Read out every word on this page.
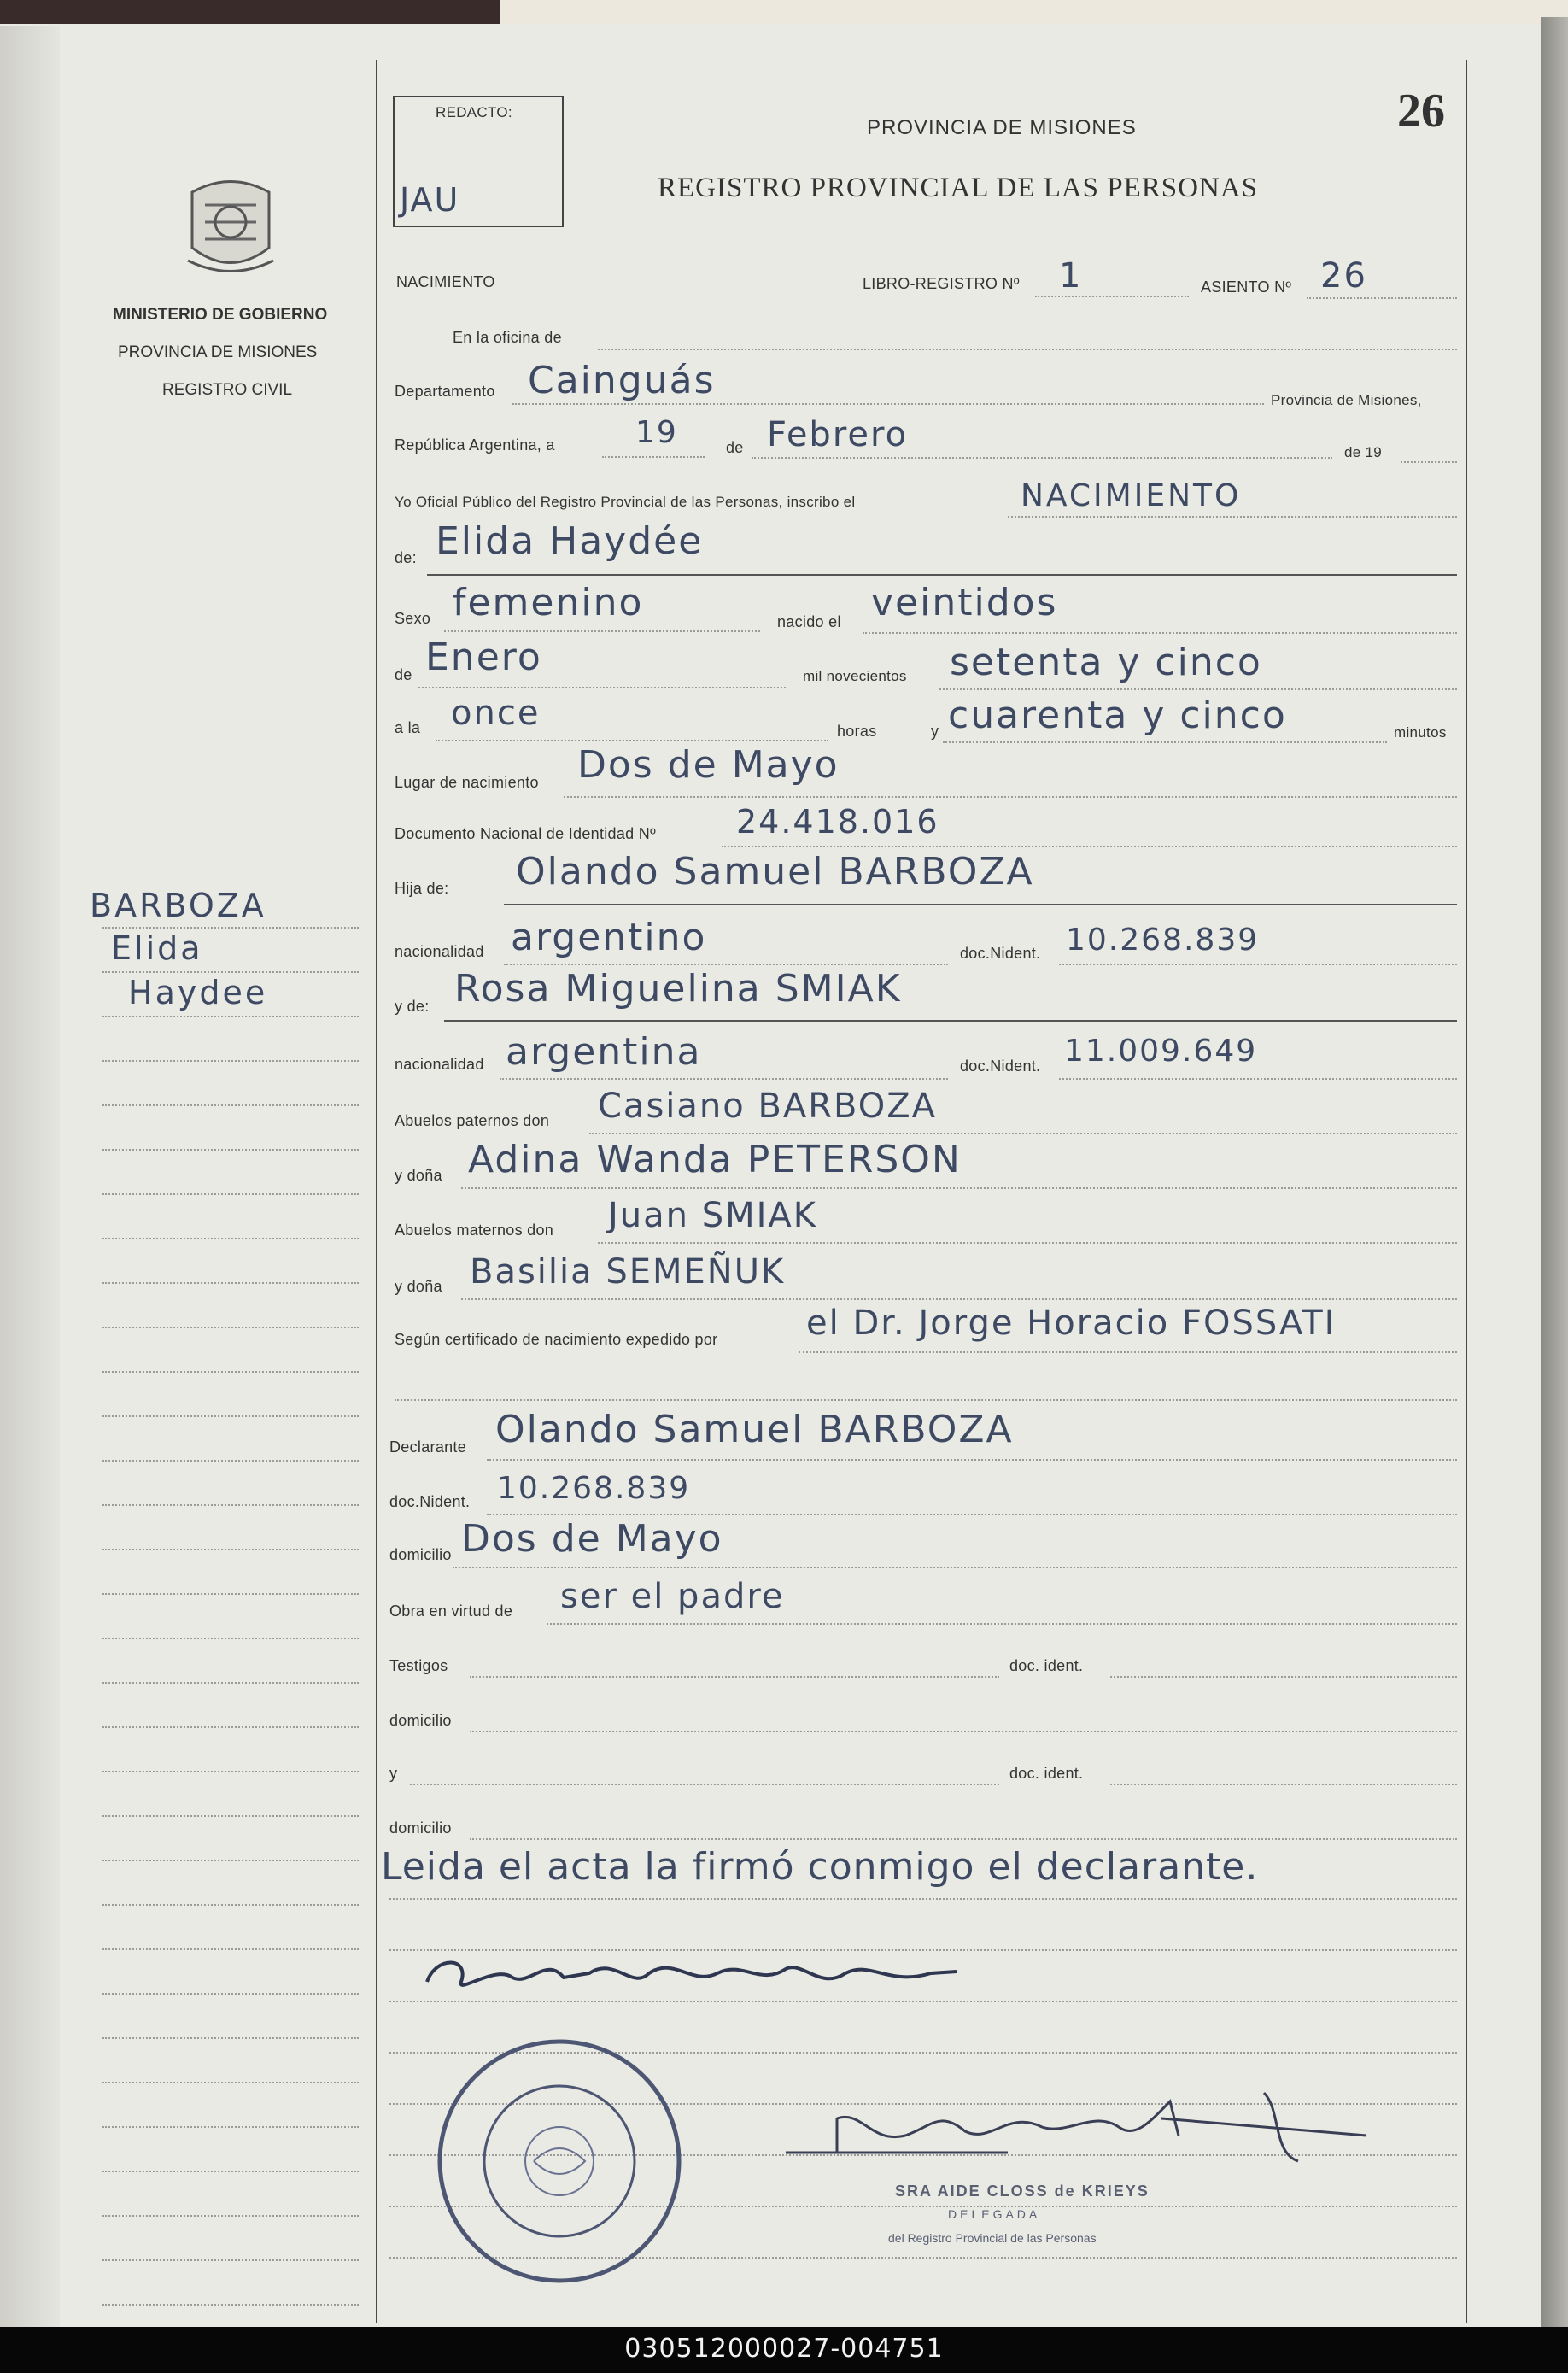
MINISTERIO DE GOBIERNO
PROVINCIA DE MISIONES
REGISTRO CIVIL
BARBOZA
Elida
Haydee
REDACTO:
JAU
PROVINCIA DE MISIONES
REGISTRO PROVINCIAL DE LAS PERSONAS
26
NACIMIENTO	LIBRO-REGISTRO Nº 1	ASIENTO Nº 26
En la oficina de
Departamento Cainguás	Provincia de Misiones,
República Argentina, a	19	de Febrero	de 19
Yo Oficial Público del Registro Provincial de las Personas, inscribo el	NACIMIENTO
de: Elida Haydée
Sexo femenino	nacido el veintidos
de Enero	mil novecientos setenta y cinco
a la once	horas	y cuarenta y cinco	minutos
Lugar de nacimiento Dos de Mayo
Documento Nacional de Identidad Nº 24.418.016
Hija de: Olando Samuel BARBOZA
nacionalidad argentino	doc.Nident. 10.268.839
y de: Rosa Miguelina SMIAK
nacionalidad argentina	doc.Nident. 11.009.649
Abuelos paternos don Casiano BARBOZA
y doña Adina Wanda PETERSON
Abuelos maternos don Juan SMIAK
y doña Basilia SEMEÑUK
Según certificado de nacimiento expedido por	el Dr. Jorge Horacio FOSSATI
Declarante Olando Samuel BARBOZA
doc.Nident. 10.268.839
domicilio Dos de Mayo
Obra en virtud de ser el padre
Testigos	doc. ident.
domicilio
y	doc. ident.
domicilio
Leida el acta la firmó conmigo el declarante.
SRA AIDE CLOSS de KRIEYS
DELEGADA
del Registro Provincial de las Personas
030512000027-004751
